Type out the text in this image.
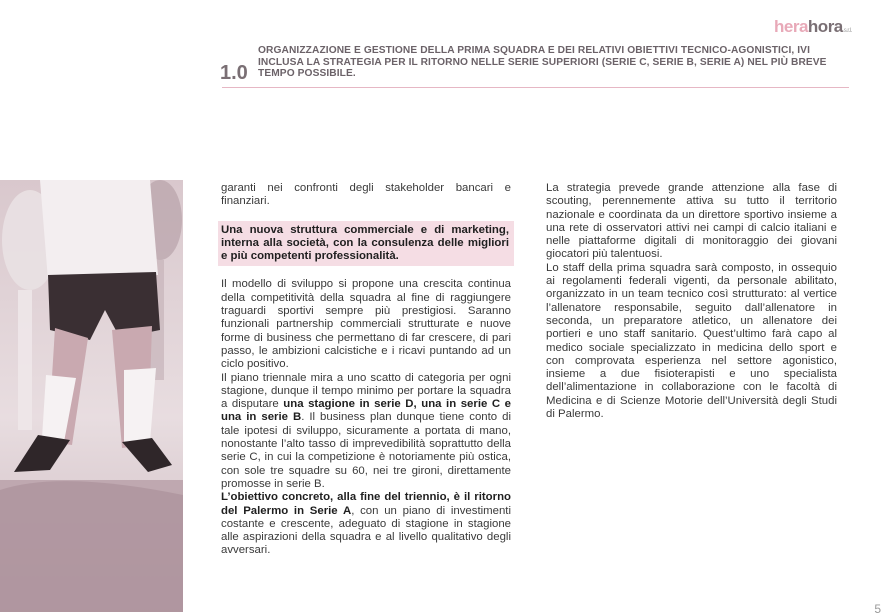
herahoras.r.l.
1.0
ORGANIZZAZIONE E GESTIONE DELLA PRIMA SQUADRA E DEI RELATIVI OBIETTIVI TECNICO-AGONISTICI, IVI INCLUSA LA STRATEGIA PER IL RITORNO NELLE SERIE SUPERIORI (SERIE C, SERIE B, SERIE A) NEL PIÙ BREVE TEMPO POSSIBILE.

garanti nei confronti degli stakeholder bancari e finanziari.

Una nuova struttura commerciale e di marketing, interna alla società, con la consulenza delle migliori e più competenti professionalità.

Il modello di sviluppo si propone una crescita continua della competitività della squadra al fine di raggiungere traguardi sportivi sempre più prestigiosi. Saranno funzionali partnership commerciali strutturate e nuove forme di business che permettano di far crescere, di pari passo, le ambizioni calcistiche e i ricavi puntando ad un ciclo positivo.

Il piano triennale mira a uno scatto di categoria per ogni stagione, dunque il tempo minimo per portare la squadra a disputare una stagione in serie D, una in serie C e una in serie B. Il business plan dunque tiene conto di tale ipotesi di sviluppo, sicuramente a portata di mano, nonostante l’alto tasso di imprevedibilità soprattutto della serie C, in cui la competizione è notoriamente più ostica, con sole tre squadre su 60, nei tre gironi, direttamente promosse in serie B.

L’obiettivo concreto, alla fine del triennio, è il ritorno del Palermo in Serie A, con un piano di investimenti costante e crescente, adeguato di stagione in stagione alle aspirazioni della squadra e al livello qualitativo degli avversari.

La strategia prevede grande attenzione alla fase di scouting, perennemente attiva su tutto il territorio nazionale e coordinata da un direttore sportivo insieme a una rete di osservatori attivi nei campi di calcio italiani e nelle piattaforme digitali di monitoraggio dei giovani giocatori più talentuosi.

Lo staff della prima squadra sarà composto, in ossequio ai regolamenti federali vigenti, da personale abilitato, organizzato in un team tecnico così strutturato: al vertice l’allenatore responsabile, seguito dall’allenatore in seconda, un preparatore atletico, un allenatore dei portieri e uno staff sanitario. Quest’ultimo farà capo al medico sociale specializzato in medicina dello sport e con comprovata esperienza nel settore agonistico, insieme a due fisioterapisti e uno specialista dell’alimentazione in collaborazione con le facoltà di Medicina e di Scienze Motorie dell’Università degli Studi di Palermo.

5
